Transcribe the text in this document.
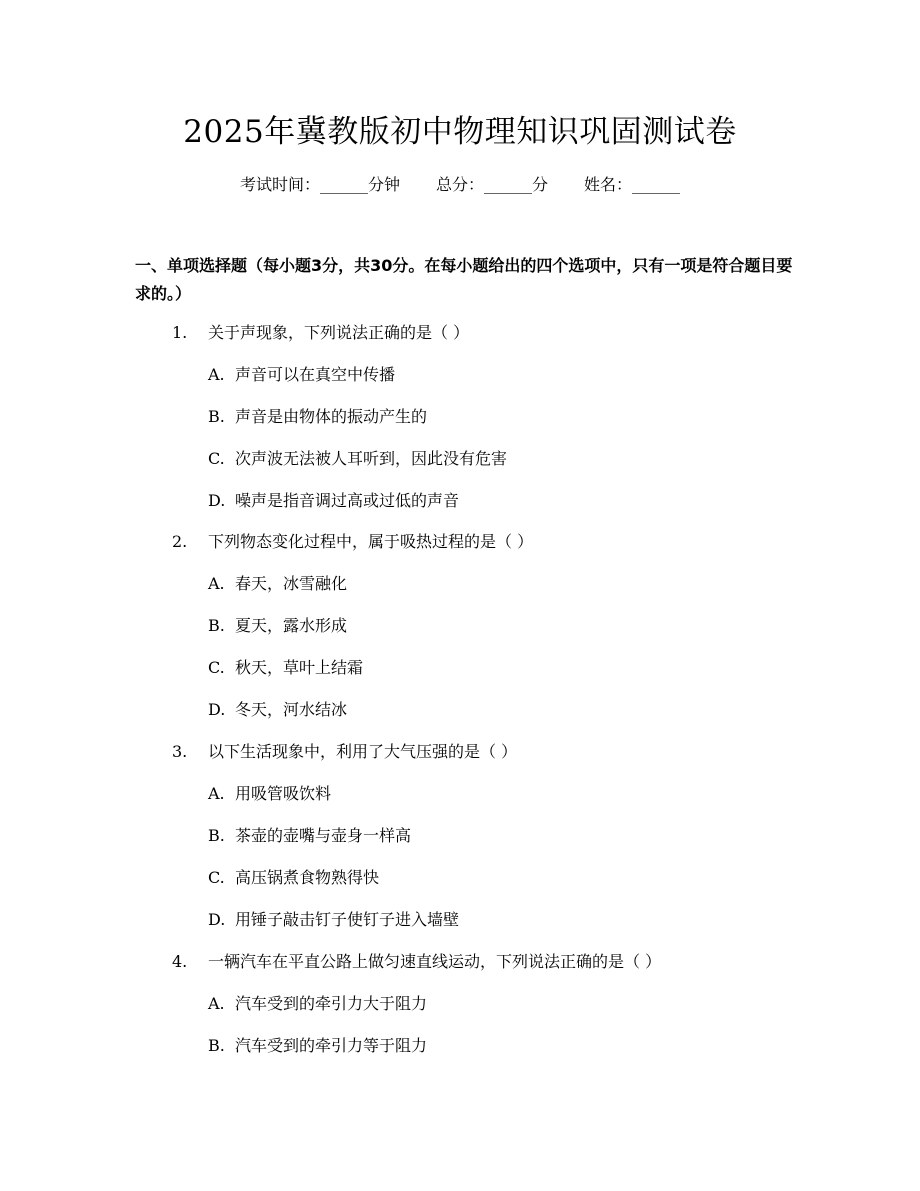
2025年冀教版初中物理知识巩固测试卷
考试时间：______分钟 总分：______分 姓名：______
一、单项选择题（每小题3分，共30分。在每小题给出的四个选项中，只有一项是符合题目要求的。）
1. 关于声现象，下列说法正确的是（ ）
A. 声音可以在真空中传播
B. 声音是由物体的振动产生的
C. 次声波无法被人耳听到，因此没有危害
D. 噪声是指音调过高或过低的声音
2. 下列物态变化过程中，属于吸热过程的是（ ）
A. 春天，冰雪融化
B. 夏天，露水形成
C. 秋天，草叶上结霜
D. 冬天，河水结冰
3. 以下生活现象中，利用了大气压强的是（ ）
A. 用吸管吸饮料
B. 茶壶的壶嘴与壶身一样高
C. 高压锅煮食物熟得快
D. 用锤子敲击钉子使钉子进入墙壁
4. 一辆汽车在平直公路上做匀速直线运动，下列说法正确的是（ ）
A. 汽车受到的牵引力大于阻力
B. 汽车受到的牵引力等于阻力
